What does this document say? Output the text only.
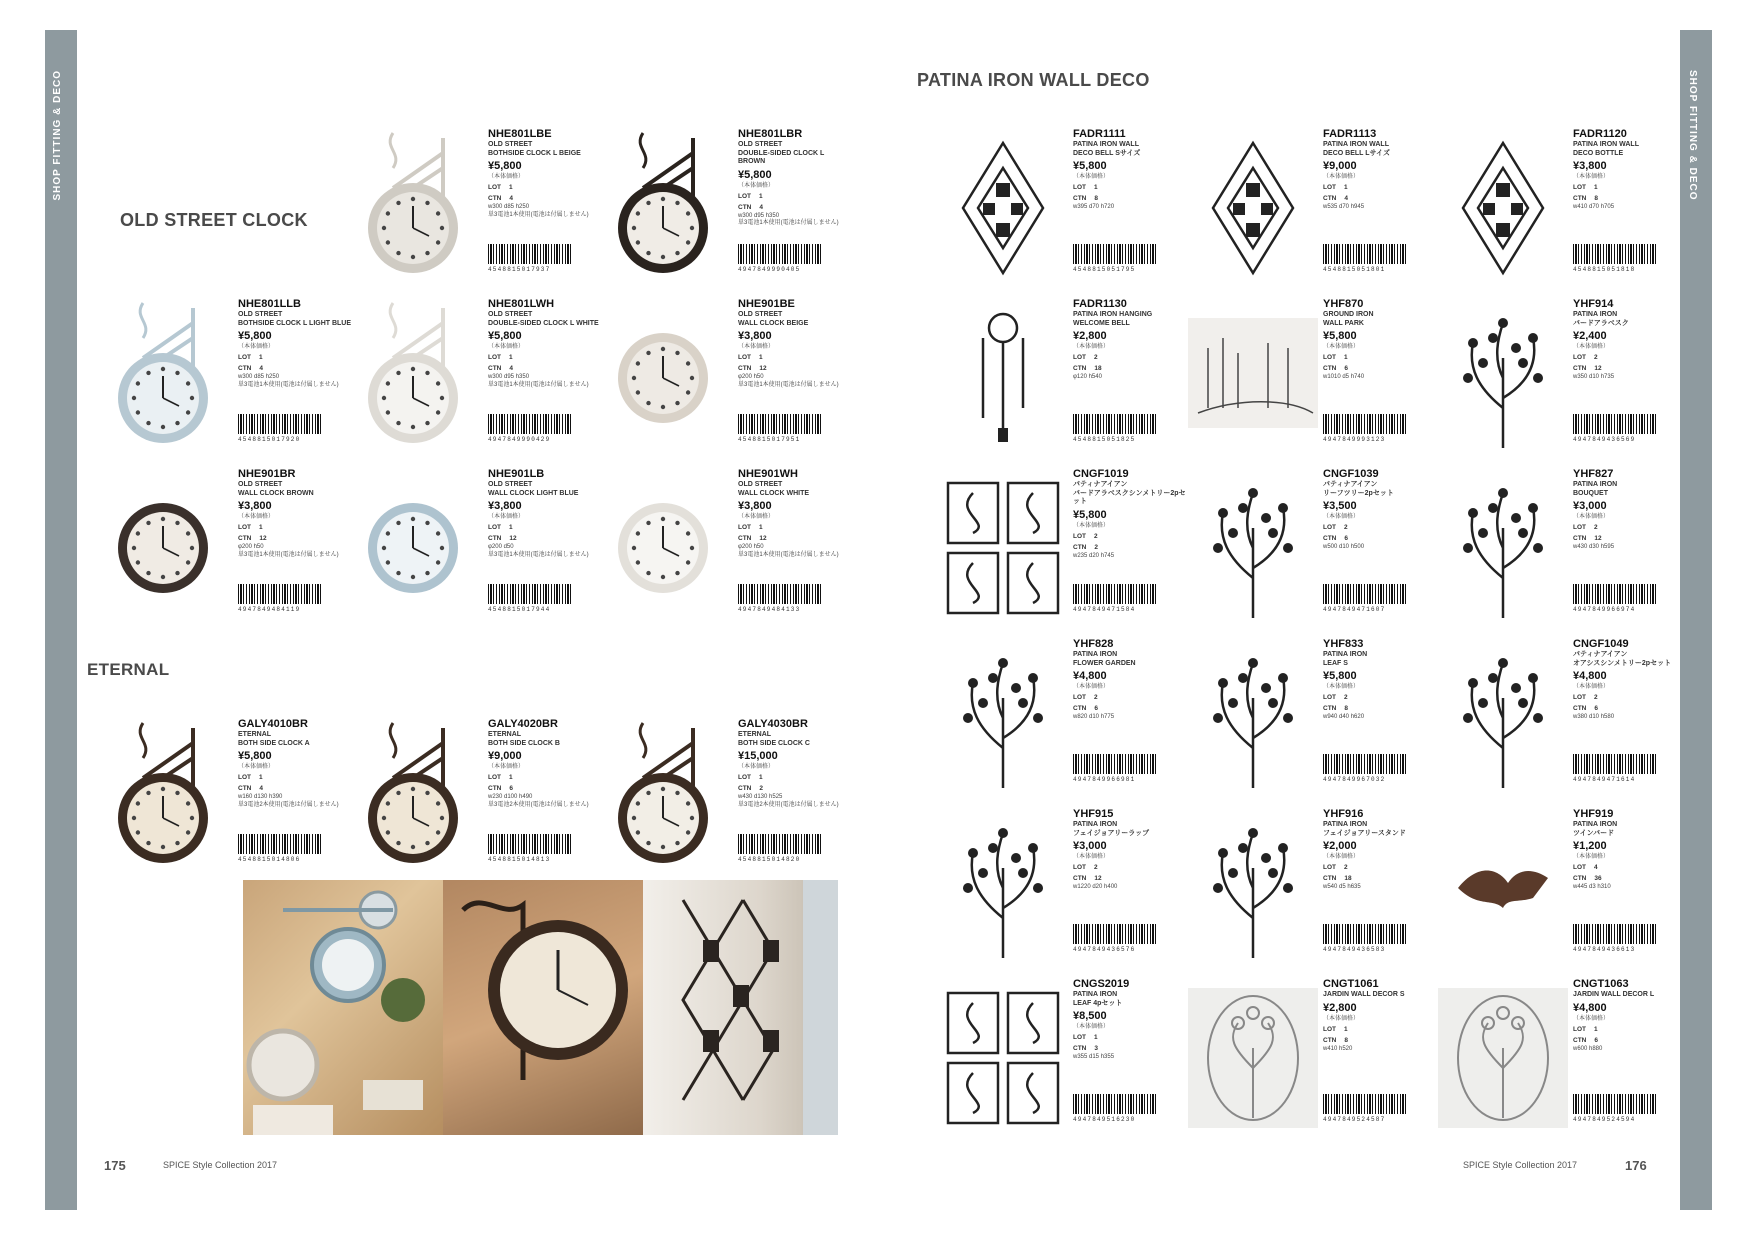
SHOP FITTING & DECO	SHOP FITTING & DECO
OLD STREET CLOCK
ETERNAL
PATINA IRON WALL DECO
NHE801LBE
OLD STREET
BOTHSIDE CLOCK L BEIGE
¥5,800
（本体価格）
LOT 1
CTN 4
w300 d85 h250
単3電池1本使用(電池は付属しません)
4548815017937
NHE801LBR
OLD STREET
DOUBLE-SIDED CLOCK L BROWN
¥5,800
（本体価格）
LOT 1
CTN 4
w300 d95 h350
単3電池1本使用(電池は付属しません)
4947849990405
NHE801LLB
OLD STREET
BOTHSIDE CLOCK L LIGHT BLUE
¥5,800
（本体価格）
LOT 1
CTN 4
w300 d85 h250
単3電池1本使用(電池は付属しません)
4548815017920
NHE801LWH
OLD STREET
DOUBLE-SIDED CLOCK L WHITE
¥5,800
（本体価格）
LOT 1
CTN 4
w300 d95 h350
単3電池1本使用(電池は付属しません)
4947849990429
NHE901BE
OLD STREET
WALL CLOCK BEIGE
¥3,800
（本体価格）
LOT 1
CTN 12
φ200 h50
単3電池1本使用(電池は付属しません)
4548815017951
NHE901BR
OLD STREET
WALL CLOCK BROWN
¥3,800
（本体価格）
LOT 1
CTN 12
φ200 h50
単3電池1本使用(電池は付属しません)
4947849484119
NHE901LB
OLD STREET
WALL CLOCK LIGHT BLUE
¥3,800
（本体価格）
LOT 1
CTN 12
φ200 d50
単3電池1本使用(電池は付属しません)
4548815017944
NHE901WH
OLD STREET
WALL CLOCK WHITE
¥3,800
（本体価格）
LOT 1
CTN 12
φ200 h50
単3電池1本使用(電池は付属しません)
4947849484133
GALY4010BR
ETERNAL
BOTH SIDE CLOCK A
¥5,800
（本体価格）
LOT 1
CTN 4
w160 d130 h390
単3電池2本使用(電池は付属しません)
4548815014806
GALY4020BR
ETERNAL
BOTH SIDE CLOCK B
¥9,000
（本体価格）
LOT 1
CTN 6
w230 d100 h490
単3電池2本使用(電池は付属しません)
4548815014813
GALY4030BR
ETERNAL
BOTH SIDE CLOCK C
¥15,000
（本体価格）
LOT 1
CTN 2
w430 d130 h525
単3電池2本使用(電池は付属しません)
4548815014820
FADR1111
PATINA IRON WALL
DECO BELL Sサイズ
¥5,800
（本体価格）
LOT 1
CTN 8
w395 d70 h720
4548815051795
FADR1113
PATINA IRON WALL
DECO BELL Lサイズ
¥9,000
（本体価格）
LOT 1
CTN 4
w535 d70 h945
4548815051801
FADR1120
PATINA IRON WALL
DECO BOTTLE
¥3,800
（本体価格）
LOT 1
CTN 8
w410 d70 h705
4548815051818
FADR1130
PATINA IRON HANGING
WELCOME BELL
¥2,800
（本体価格）
LOT 2
CTN 18
φ120 h540
4548815051825
YHF870
GROUND IRON
WALL PARK
¥5,800
（本体価格）
LOT 1
CTN 6
w1010 d5 h740
4947849993123
YHF914
PATINA IRON
バードアラベスク
¥2,400
（本体価格）
LOT 2
CTN 12
w350 d10 h735
4947849436569
CNGF1019
パティナアイアン
バードアラベスクシンメトリー2pセット
¥5,800
（本体価格）
LOT 2
CTN 2
w235 d20 h745
4947849471584
CNGF1039
パティナアイアン
リーフツリー2pセット
¥3,500
（本体価格）
LOT 2
CTN 6
w500 d10 h500
4947849471607
YHF827
PATINA IRON
BOUQUET
¥3,000
（本体価格）
LOT 2
CTN 12
w430 d30 h595
4947849966974
YHF828
PATINA IRON
FLOWER GARDEN
¥4,800
（本体価格）
LOT 2
CTN 6
w820 d10 h775
4947849966981
YHF833
PATINA IRON
LEAF S
¥5,800
（本体価格）
LOT 2
CTN 8
w940 d40 h620
4947849967032
CNGF1049
パティナアイアン
オアシスシンメトリー2pセット
¥4,800
（本体価格）
LOT 2
CTN 6
w380 d10 h580
4947849471614
YHF915
PATINA IRON
フェイジョアリーラップ
¥3,000
（本体価格）
LOT 2
CTN 12
w1220 d20 h400
4947849436576
YHF916
PATINA IRON
フェイジョアリースタンド
¥2,000
（本体価格）
LOT 2
CTN 18
w540 d5 h635
4947849436583
YHF919
PATINA IRON
ツインバード
¥1,200
（本体価格）
LOT 4
CTN 36
w445 d3 h310
4947849436613
CNGS2019
PATINA IRON
LEAF 4pセット
¥8,500
（本体価格）
LOT 1
CTN 3
w355 d15 h355
4947849516230
CNGT1061
JARDIN WALL DECOR S
¥2,800
（本体価格）
LOT 1
CTN 8
w410 h520
4947849524587
CNGT1063
JARDIN WALL DECOR L
¥4,800
（本体価格）
LOT 1
CTN 6
w600 h880
4947849524594
175	SPICE Style Collection 2017	SPICE Style Collection 2017	176
